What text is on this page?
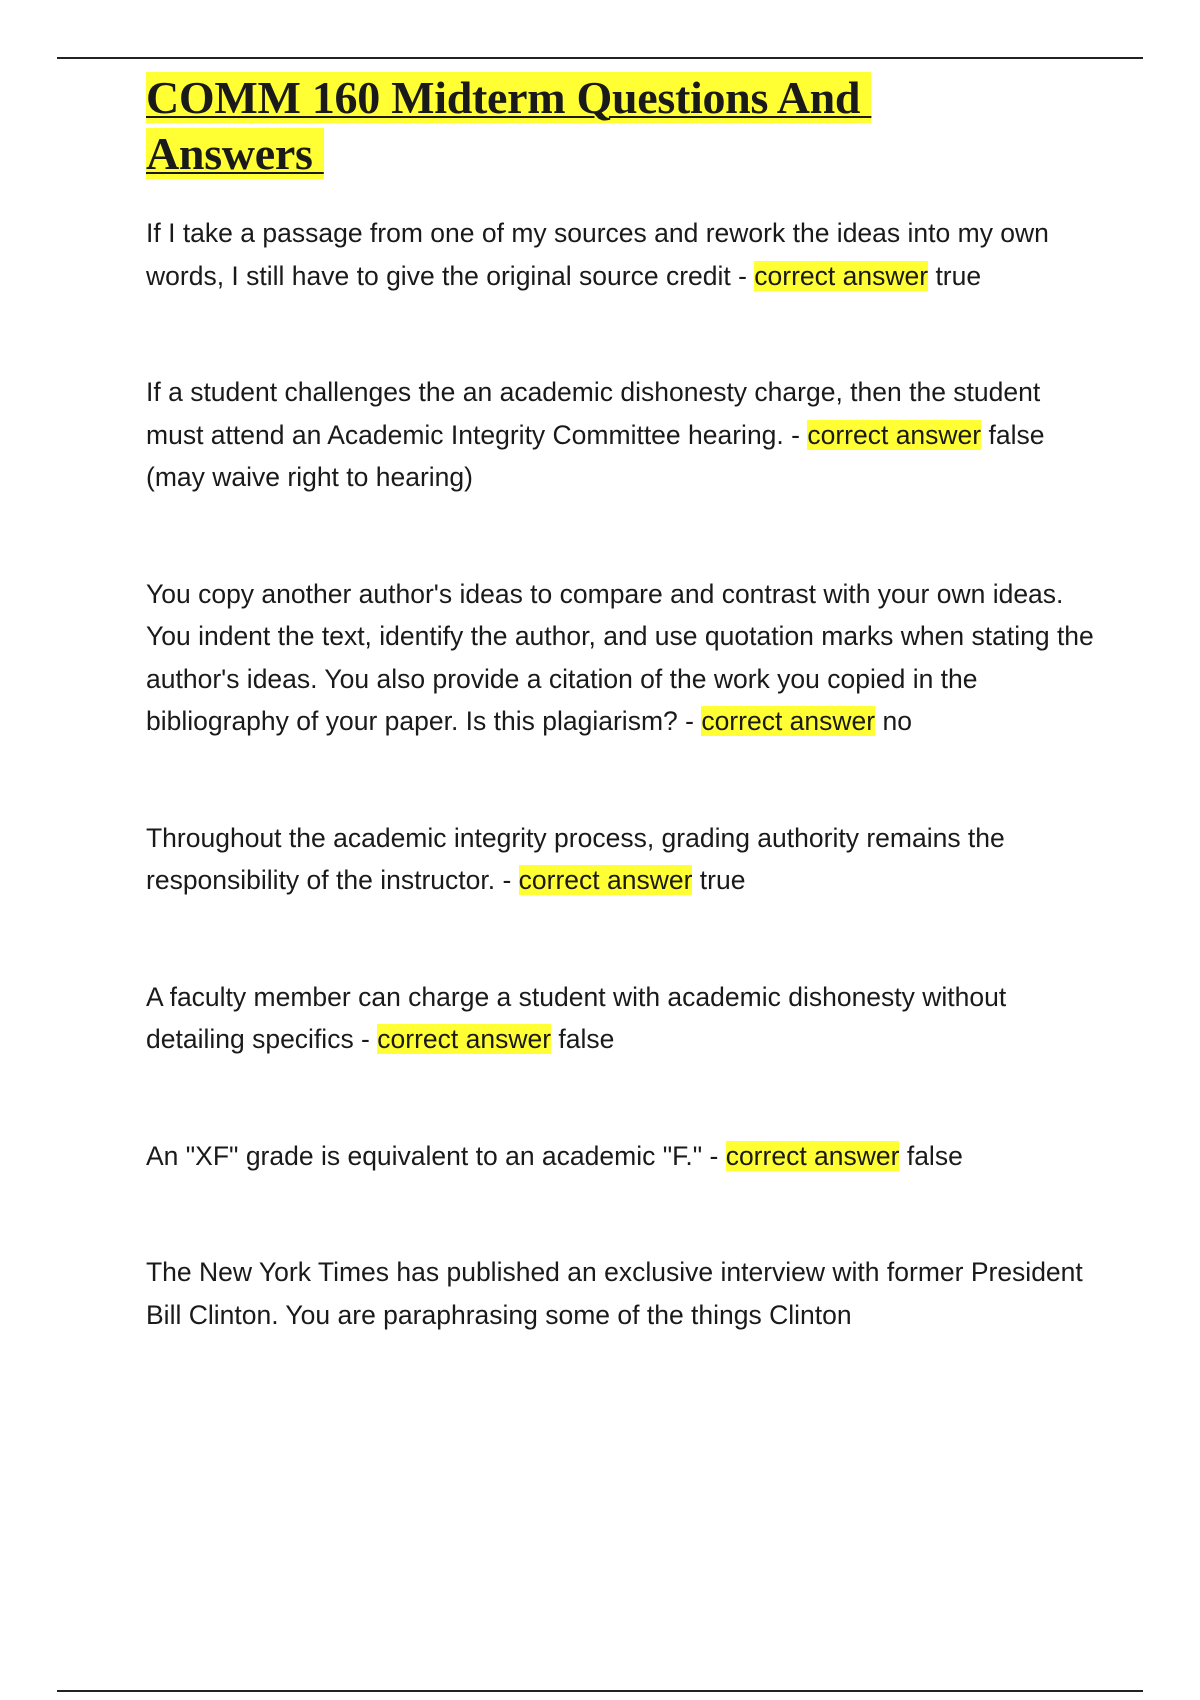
COMM 160 Midterm Questions And
Answers

If I take a passage from one of my sources and rework the ideas into my own words, I still have to give the original source credit - correct answer true

If a student challenges the an academic dishonesty charge, then the student must attend an Academic Integrity Committee hearing. - correct answer false (may waive right to hearing)

You copy another author's ideas to compare and contrast with your own ideas. You indent the text, identify the author, and use quotation marks when stating the author's ideas. You also provide a citation of the work you copied in the bibliography of your paper. Is this plagiarism? - correct answer no

Throughout the academic integrity process, grading authority remains the responsibility of the instructor. - correct answer true

A faculty member can charge a student with academic dishonesty without detailing specifics - correct answer false

An "XF" grade is equivalent to an academic "F." - correct answer false

The New York Times has published an exclusive interview with former President Bill Clinton. You are paraphrasing some of the things Clinton
